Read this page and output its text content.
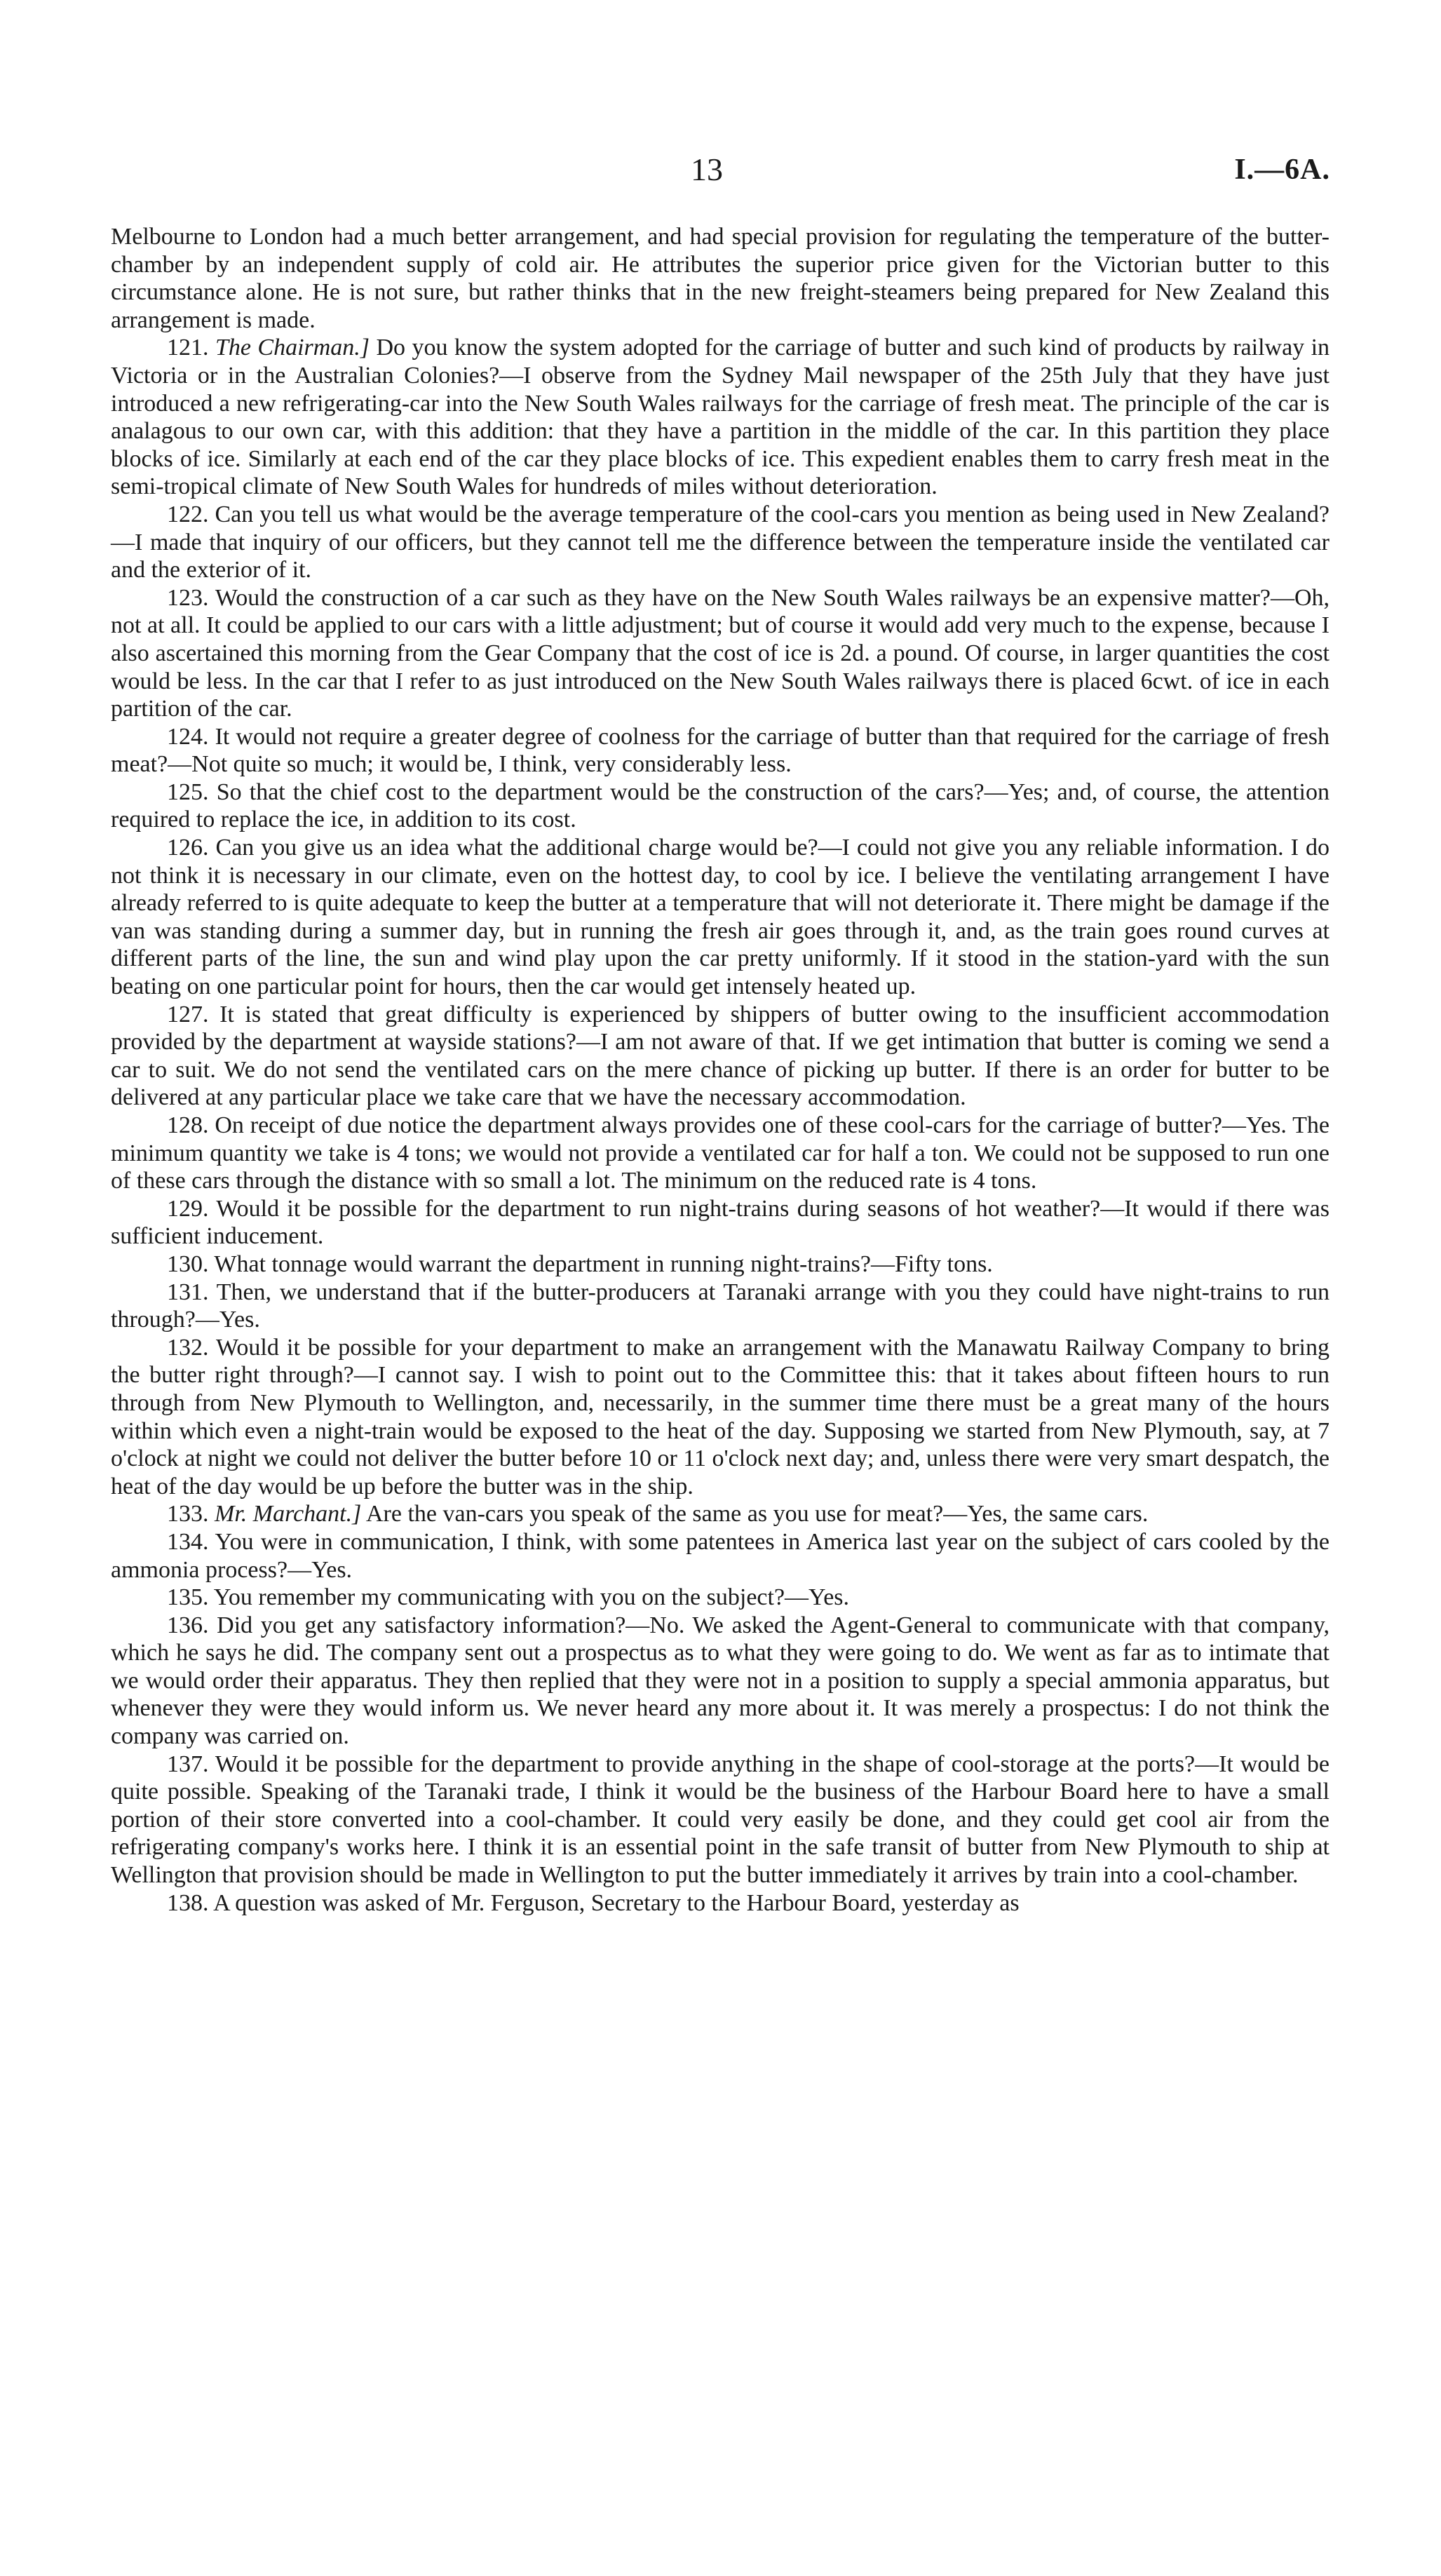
13	I.—6A.

Melbourne to London had a much better arrangement, and had special provision for regulating the temperature of the butter-chamber by an independent supply of cold air. He attributes the superior price given for the Victorian butter to this circumstance alone. He is not sure, but rather thinks that in the new freight-steamers being prepared for New Zealand this arrangement is made.

121. The Chairman.] Do you know the system adopted for the carriage of butter and such kind of products by railway in Victoria or in the Australian Colonies?—I observe from the Sydney Mail newspaper of the 25th July that they have just introduced a new refrigerating-car into the New South Wales railways for the carriage of fresh meat. The principle of the car is analagous to our own car, with this addition: that they have a partition in the middle of the car. In this partition they place blocks of ice. Similarly at each end of the car they place blocks of ice. This expedient enables them to carry fresh meat in the semi-tropical climate of New South Wales for hundreds of miles without deterioration.

122. Can you tell us what would be the average temperature of the cool-cars you mention as being used in New Zealand?—I made that inquiry of our officers, but they cannot tell me the difference between the temperature inside the ventilated car and the exterior of it.

123. Would the construction of a car such as they have on the New South Wales railways be an expensive matter?—Oh, not at all. It could be applied to our cars with a little adjustment; but of course it would add very much to the expense, because I also ascertained this morning from the Gear Company that the cost of ice is 2d. a pound. Of course, in larger quantities the cost would be less. In the car that I refer to as just introduced on the New South Wales railways there is placed 6cwt. of ice in each partition of the car.

124. It would not require a greater degree of coolness for the carriage of butter than that required for the carriage of fresh meat?—Not quite so much; it would be, I think, very considerably less.

125. So that the chief cost to the department would be the construction of the cars?—Yes; and, of course, the attention required to replace the ice, in addition to its cost.

126. Can you give us an idea what the additional charge would be?—I could not give you any reliable information. I do not think it is necessary in our climate, even on the hottest day, to cool by ice. I believe the ventilating arrangement I have already referred to is quite adequate to keep the butter at a temperature that will not deteriorate it. There might be damage if the van was standing during a summer day, but in running the fresh air goes through it, and, as the train goes round curves at different parts of the line, the sun and wind play upon the car pretty uniformly. If it stood in the station-yard with the sun beating on one particular point for hours, then the car would get intensely heated up.

127. It is stated that great difficulty is experienced by shippers of butter owing to the insufficient accommodation provided by the department at wayside stations?—I am not aware of that. If we get intimation that butter is coming we send a car to suit. We do not send the ventilated cars on the mere chance of picking up butter. If there is an order for butter to be delivered at any particular place we take care that we have the necessary accommodation.

128. On receipt of due notice the department always provides one of these cool-cars for the carriage of butter?—Yes. The minimum quantity we take is 4 tons; we would not provide a ventilated car for half a ton. We could not be supposed to run one of these cars through the distance with so small a lot. The minimum on the reduced rate is 4 tons.

129. Would it be possible for the department to run night-trains during seasons of hot weather?—It would if there was sufficient inducement.

130. What tonnage would warrant the department in running night-trains?—Fifty tons.

131. Then, we understand that if the butter-producers at Taranaki arrange with you they could have night-trains to run through?—Yes.

132. Would it be possible for your department to make an arrangement with the Manawatu Railway Company to bring the butter right through?—I cannot say. I wish to point out to the Committee this: that it takes about fifteen hours to run through from New Plymouth to Wellington, and, necessarily, in the summer time there must be a great many of the hours within which even a night-train would be exposed to the heat of the day. Supposing we started from New Plymouth, say, at 7 o'clock at night we could not deliver the butter before 10 or 11 o'clock next day; and, unless there were very smart despatch, the heat of the day would be up before the butter was in the ship.

133. Mr. Marchant.] Are the van-cars you speak of the same as you use for meat?—Yes, the same cars.

134. You were in communication, I think, with some patentees in America last year on the subject of cars cooled by the ammonia process?—Yes.

135. You remember my communicating with you on the subject?—Yes.

136. Did you get any satisfactory information?—No. We asked the Agent-General to communicate with that company, which he says he did. The company sent out a prospectus as to what they were going to do. We went as far as to intimate that we would order their apparatus. They then replied that they were not in a position to supply a special ammonia apparatus, but whenever they were they would inform us. We never heard any more about it. It was merely a prospectus: I do not think the company was carried on.

137. Would it be possible for the department to provide anything in the shape of cool-storage at the ports?—It would be quite possible. Speaking of the Taranaki trade, I think it would be the business of the Harbour Board here to have a small portion of their store converted into a cool-chamber. It could very easily be done, and they could get cool air from the refrigerating company's works here. I think it is an essential point in the safe transit of butter from New Plymouth to ship at Wellington that provision should be made in Wellington to put the butter immediately it arrives by train into a cool-chamber.

138. A question was asked of Mr. Ferguson, Secretary to the Harbour Board, yesterday as
